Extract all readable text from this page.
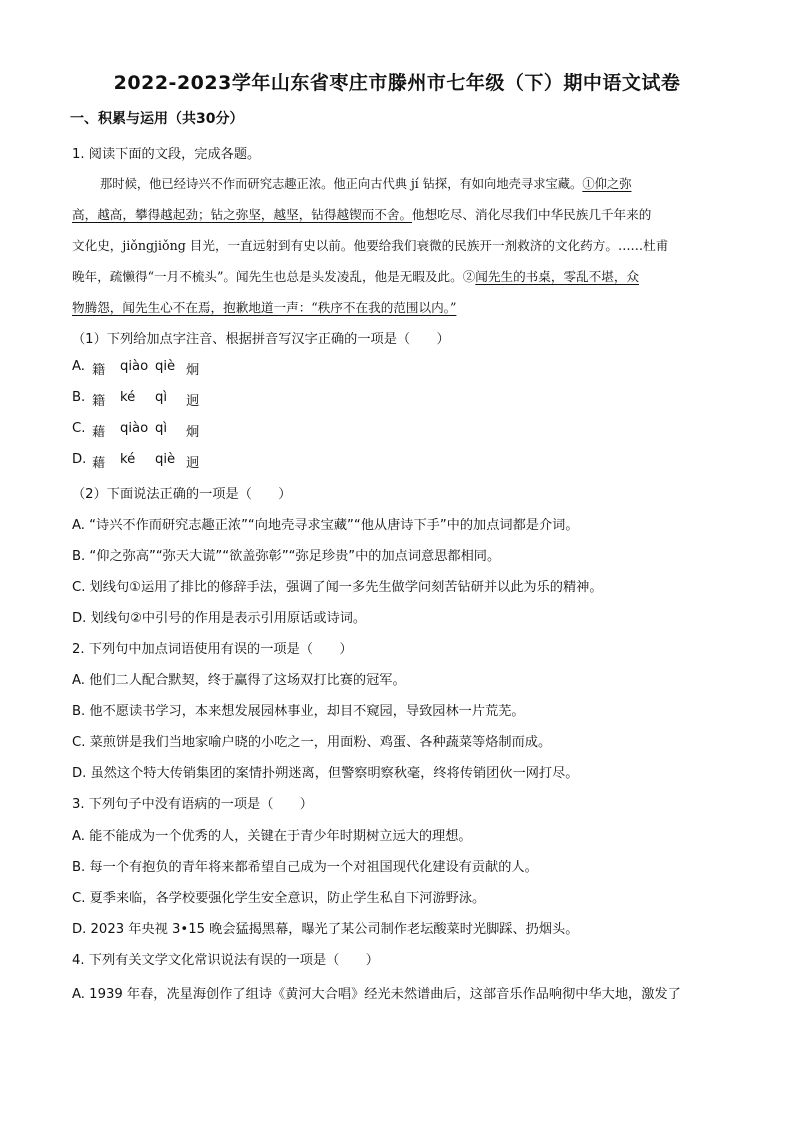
2022-2023学年山东省枣庄市滕州市七年级（下）期中语文试卷
一、积累与运用（共30分）
1. 阅读下面的文段，完成各题。
那时候，他已经诗兴不作而研究志趣正浓。他正向古代典 jí 钻探，有如向地壳寻求宝藏。①仰之弥
高，越高，攀得越起劲；钻之弥坚，越坚，钻得越锲而不舍。他想吃尽、消化尽我们中华民族几千年来的
文化史，jiǒngjiǒng 目光，一直远射到有史以前。他要给我们衰微的民族开一剂救济的文化药方。……杜甫
晚年，疏懒得“一月不梳头”。闻先生也总是头发凌乱，他是无暇及此。②闻先生的书桌，零乱不堪，众
物腾怨，闻先生心不在焉，抱歉地道一声：“秩序不在我的范围以内。”
（1）下列给加点字注音、根据拼音写汉字正确的一项是（　　）
A. 籍 qiào qiè 炯
B. 籍 ké qì 迥
C. 藉 qiào qì 炯
D. 藉 ké qiè 迥
（2）下面说法正确的一项是（　　）
A. “诗兴不作而研究志趣正浓”“向地壳寻求宝藏”“他从唐诗下手”中的加点词都是介词。
B. “仰之弥高”“弥天大谎”“欲盖弥彰”“弥足珍贵”中的加点词意思都相同。
C. 划线句①运用了排比的修辞手法，强调了闻一多先生做学问刻苦钻研并以此为乐的精神。
D. 划线句②中引号的作用是表示引用原话或诗词。
2. 下列句中加点词语使用有误的一项是（　　）
A. 他们二人配合默契，终于赢得了这场双打比赛的冠军。
B. 他不愿读书学习，本来想发展园林事业，却目不窥园，导致园林一片荒芜。
C. 菜煎饼是我们当地家喻户晓的小吃之一，用面粉、鸡蛋、各种蔬菜等烙制而成。
D. 虽然这个特大传销集团的案情扑朔迷离，但警察明察秋毫，终将传销团伙一网打尽。
3. 下列句子中没有语病的一项是（　　）
A. 能不能成为一个优秀的人，关键在于青少年时期树立远大的理想。
B. 每一个有抱负的青年将来都希望自己成为一个对祖国现代化建设有贡献的人。
C. 夏季来临，各学校要强化学生安全意识，防止学生私自下河游野泳。
D. 2023 年央视 3•15 晚会猛揭黑幕，曝光了某公司制作老坛酸菜时光脚踩、扔烟头。
4. 下列有关文学文化常识说法有误的一项是（　　）
A. 1939 年春，冼星海创作了组诗《黄河大合唱》经光未然谱曲后，这部音乐作品响彻中华大地，激发了
